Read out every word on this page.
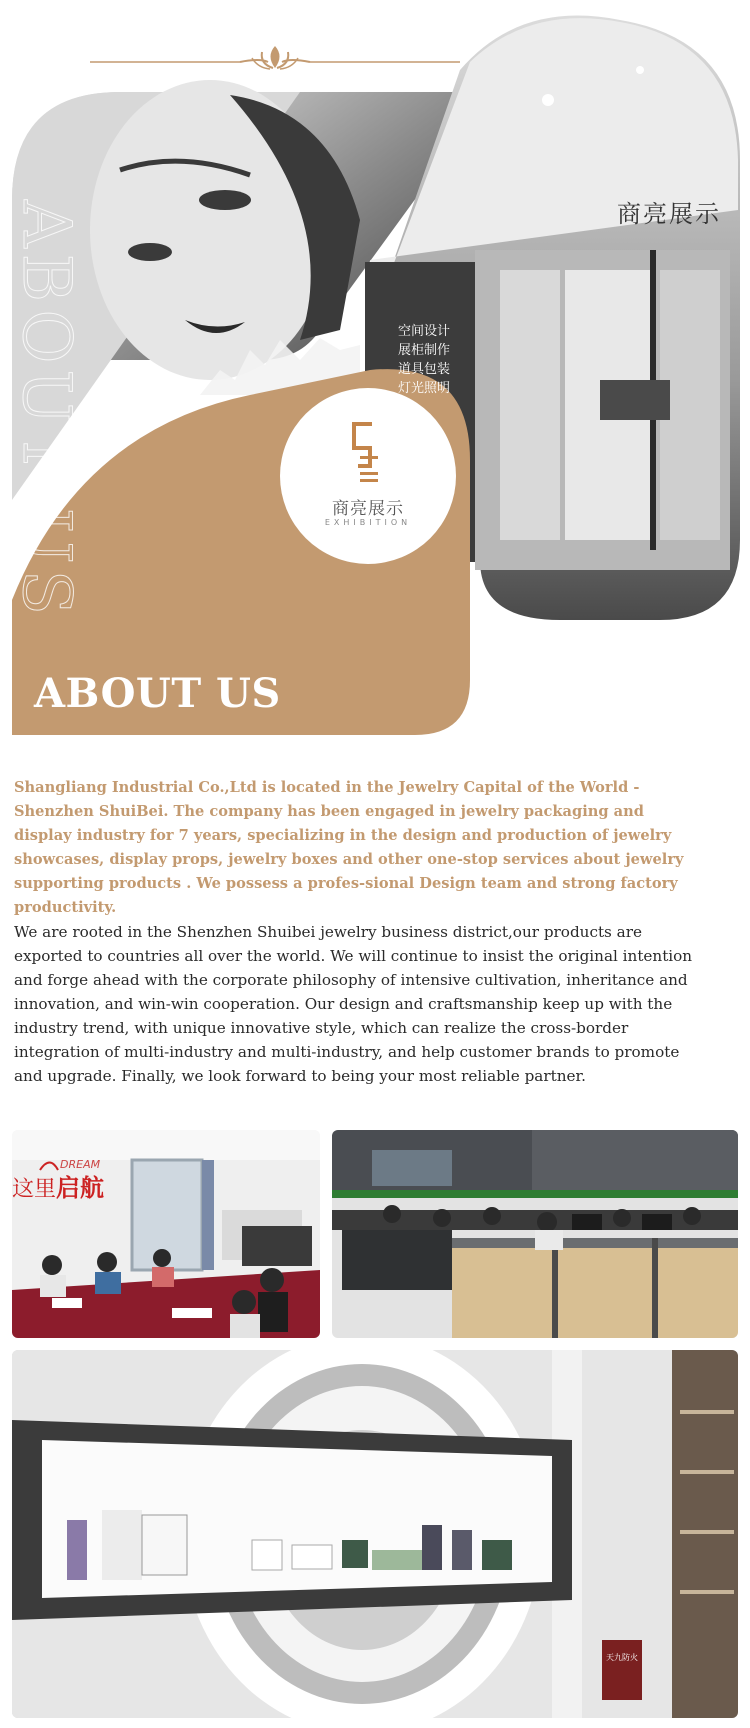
ABOUT US	商亮展示
空间设计
展柜制作
道具包装
灯光照明
商亮展示
EXHIBITION
ABOUT US

Shangliang Industrial Co.,Ltd is located in the Jewelry Capital of the World - Shenzhen ShuiBei. The company has been engaged in jewelry packaging and display industry for 7 years, specializing in the design and production of jewelry showcases, display props, jewelry boxes and other one-stop services about jewelry supporting products . We possess a profes-sional Design team and strong factory productivity.

We are rooted in the Shenzhen Shuibei jewelry business district,our products are exported to countries all over the world. We will continue to insist the original intention and forge ahead with the corporate philosophy of intensive cultivation, inheritance and innovation, and win-win cooperation. Our design and craftsmanship keep up with the industry trend, with unique innovative style, which can realize the cross-border integration of multi-industry and multi-industry, and help customer brands to promote and upgrade. Finally, we look forward to being your most reliable partner.

这里 启航
DREAM
天九防火
